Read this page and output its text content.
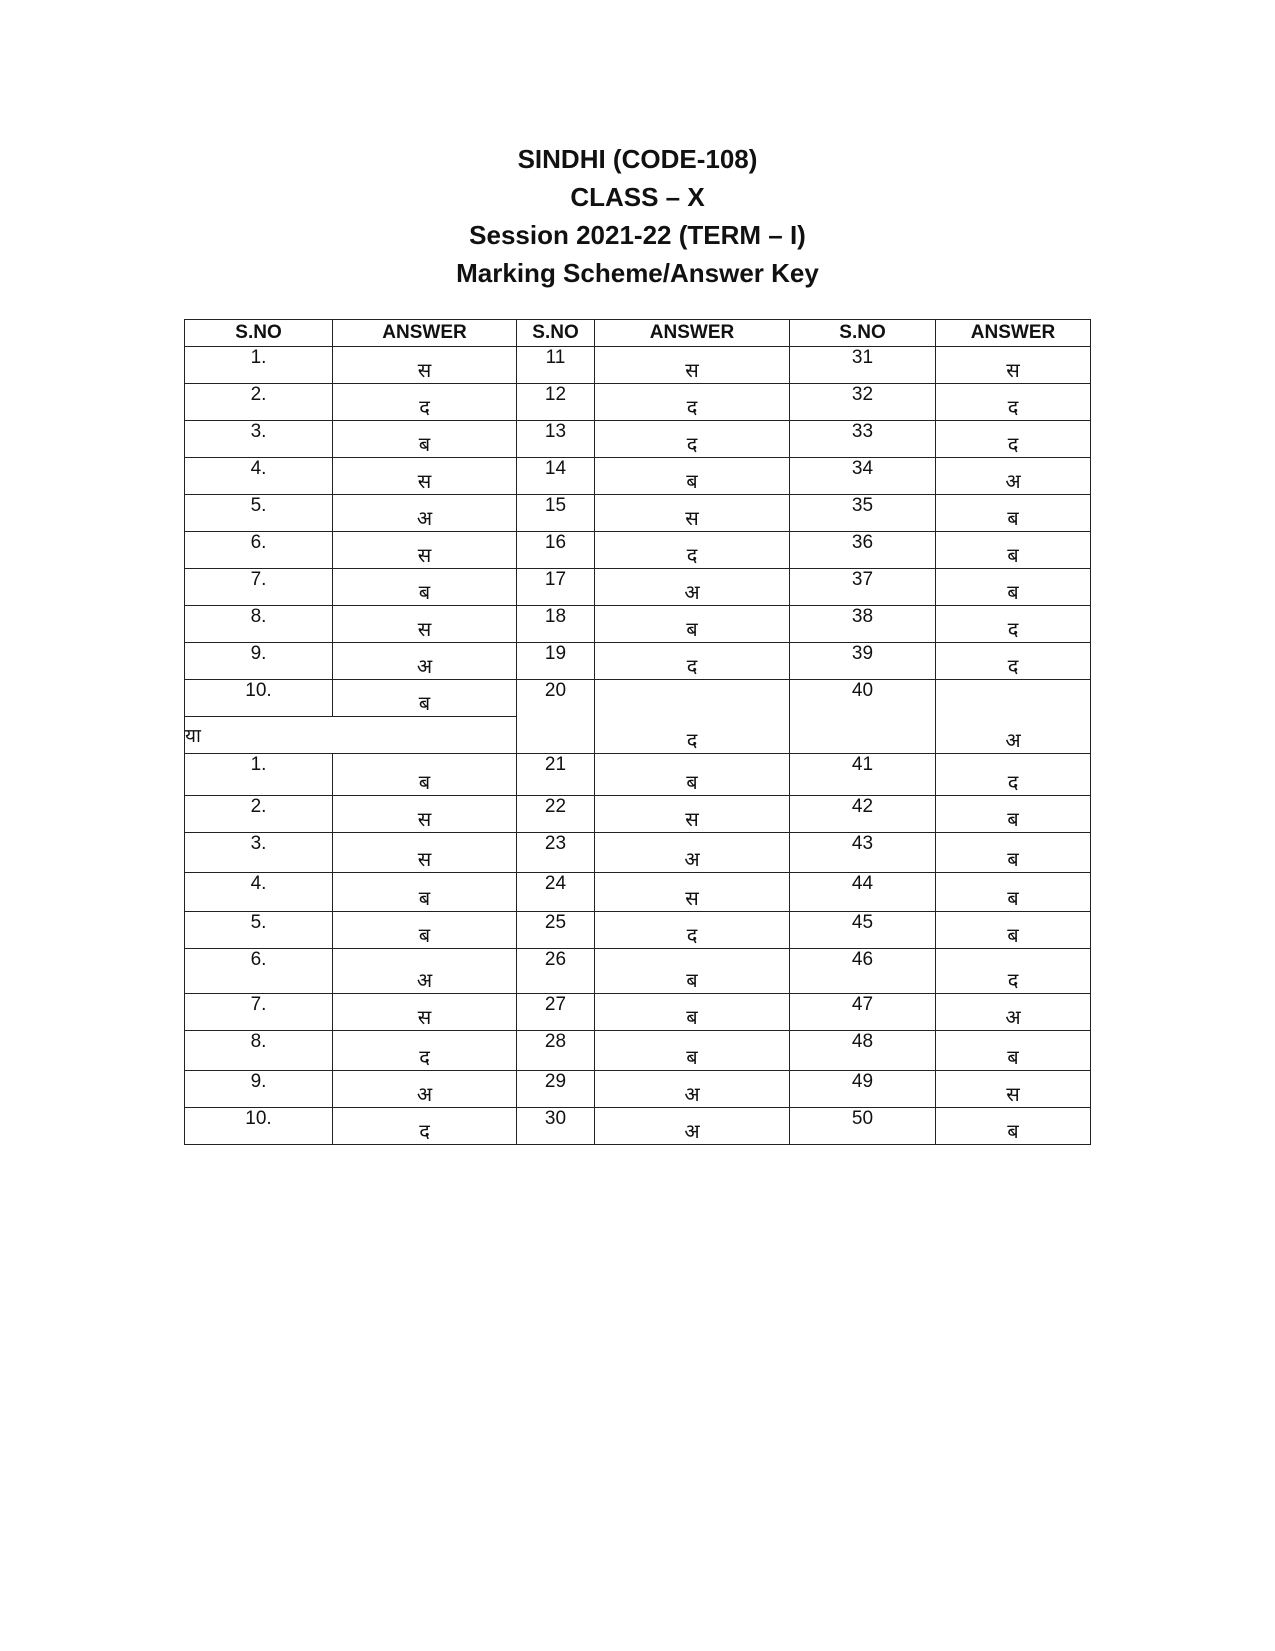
SINDHI (CODE-108)
CLASS – X
Session 2021-22 (TERM – I)
Marking Scheme/Answer Key
S.NO	ANSWER	S.NO	ANSWER	S.NO	ANSWER
1.	स	11	स	31	स
2.	द	12	द	32	द
3.	ब	13	द	33	द
4.	स	14	ब	34	अ
5.	अ	15	स	35	ब
6.	स	16	द	36	ब
7.	ब	17	अ	37	ब
8.	स	18	ब	38	द
9.	अ	19	द	39	द
10.	ब	20	द	40	अ
या					
1.	ब	21	ब	41	द
2.	स	22	स	42	ब
3.	स	23	अ	43	ब
4.	ब	24	स	44	ब
5.	ब	25	द	45	ब
6.	अ	26	ब	46	द
7.	स	27	ब	47	अ
8.	द	28	ब	48	ब
9.	अ	29	अ	49	स
10.	द	30	अ	50	ब
